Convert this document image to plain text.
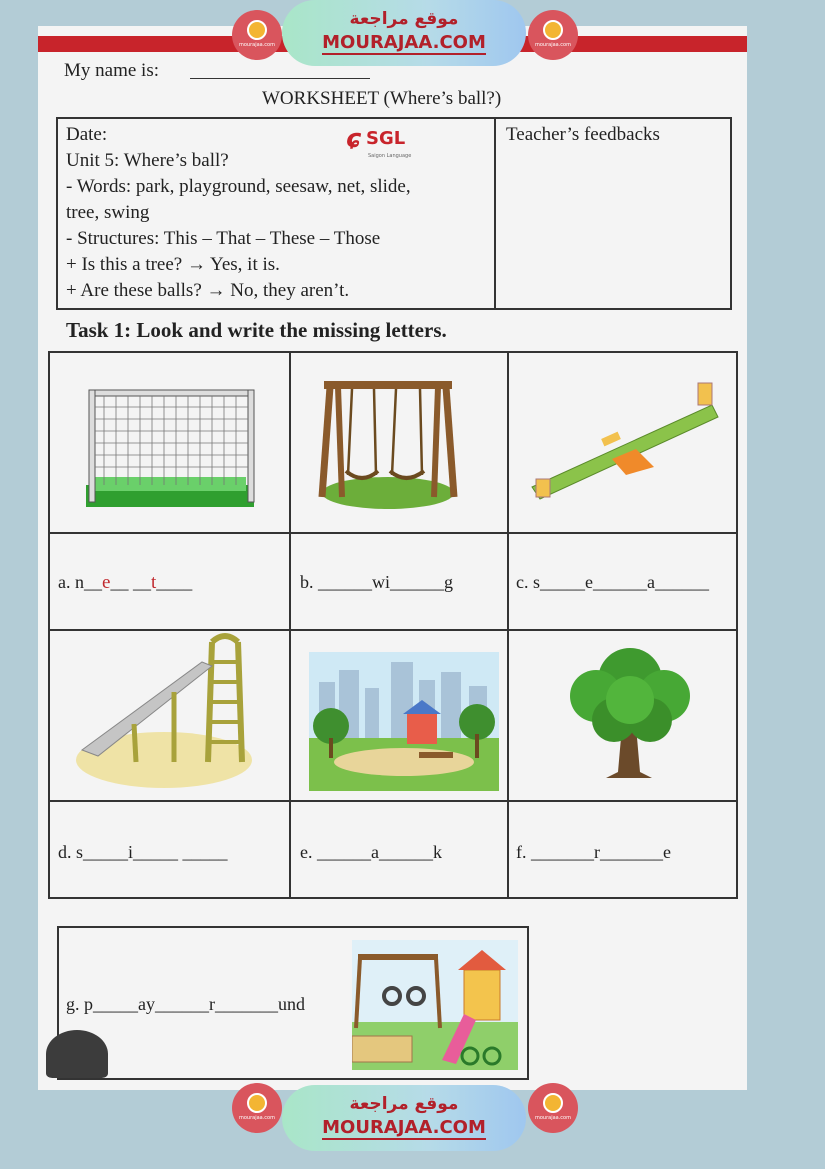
mourajaa.com
موقع مراجعة
MOURAJAA.COM	mourajaa.com
My name is:
WORKSHEET (Where’s ball?)
Date:
Unit 5: Where’s ball?
- Words: park, playground, seesaw, net, slide,
tree, swing
- Structures: This – That – These – Those
+ Is this a tree? → Yes, it is.
+ Are these balls? → No, they aren’t.
Teacher’s feedbacks
ɕ SGL
Saigon Language
Task 1: Look and write the missing letters.
a. n__e__ __t____	b. ______wi______g	c. s_____e______a______
d. s_____i_____ _____	e. ______a______k	f. _______r_______e
g. p_____ay______r_______und
mourajaa.com
موقع مراجعة
MOURAJAA.COM	mourajaa.com
